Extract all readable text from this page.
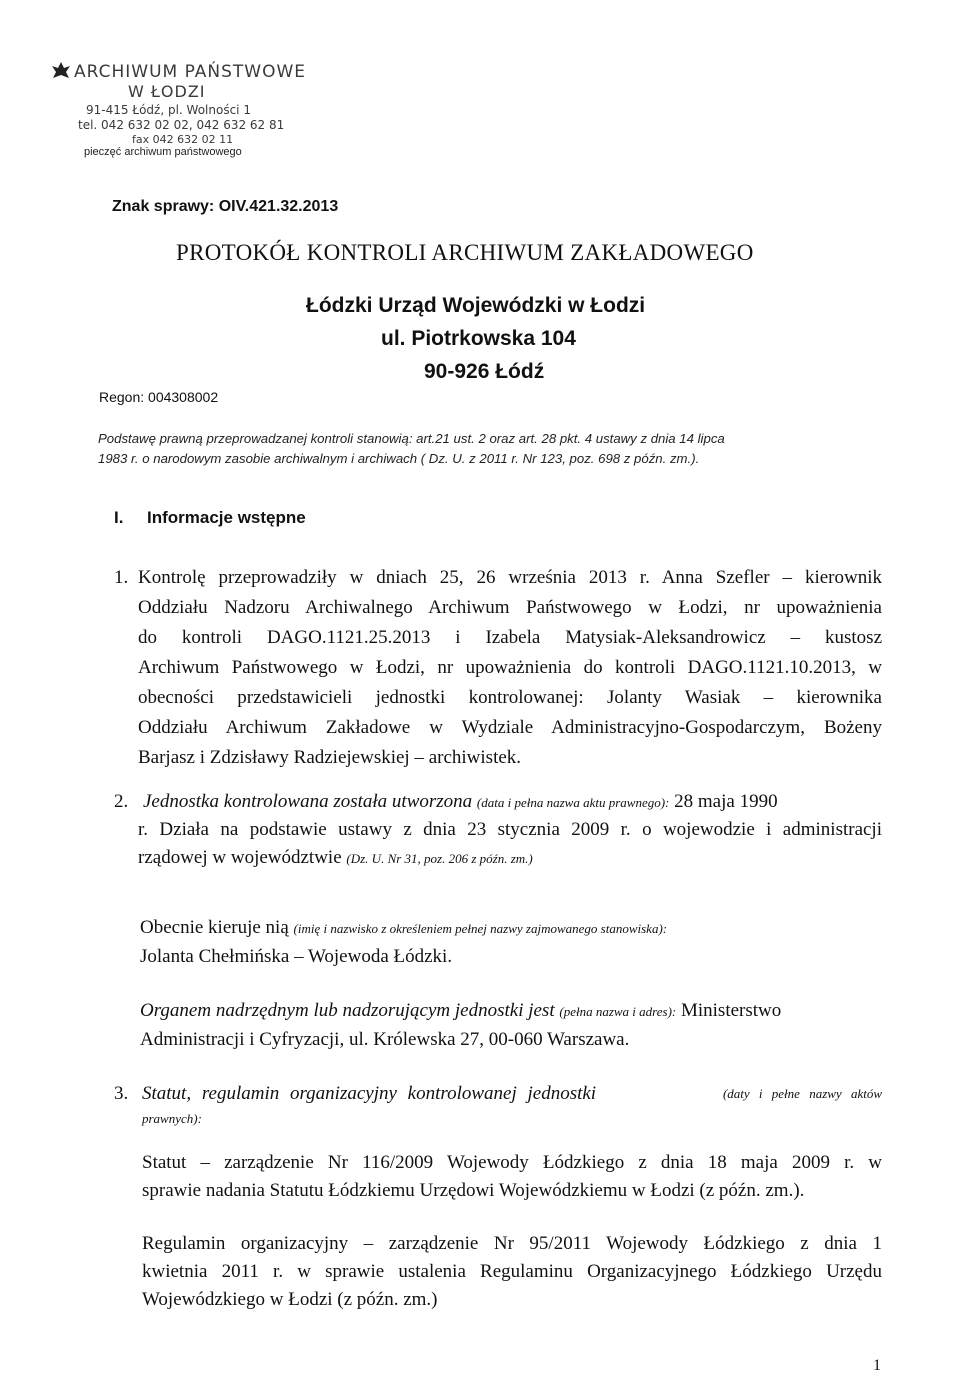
ARCHIWUM PAŃSTWOWE
W ŁODZI
91-415 Łódź, pl. Wolności 1
tel. 042 632 02 02, 042 632 62 81
fax 042 632 02 11
pieczęć archiwum państwowego
Znak sprawy: OIV.421.32.2013
PROTOKÓŁ KONTROLI ARCHIWUM ZAKŁADOWEGO
Łódzki Urząd Wojewódzki w Łodzi
ul. Piotrkowska 104
90-926 Łódź
Regon: 004308002
Podstawę prawną przeprowadzanej kontroli stanowią: art.21 ust. 2 oraz art. 28 pkt. 4 ustawy z dnia 14 lipca
1983 r. o narodowym zasobie archiwalnym i archiwach ( Dz. U. z 2011 r. Nr 123, poz. 698 z późn. zm.).
I. Informacje wstępne
1. Kontrolę przeprowadziły w dniach 25, 26 września 2013 r. Anna Szefler – kierownik
Oddziału Nadzoru Archiwalnego Archiwum Państwowego w Łodzi, nr upoważnienia
do kontroli DAGO.1121.25.2013 i Izabela Matysiak-Aleksandrowicz – kustosz
Archiwum Państwowego w Łodzi, nr upoważnienia do kontroli DAGO.1121.10.2013, w
obecności przedstawicieli jednostki kontrolowanej: Jolanty Wasiak – kierownika
Oddziału Archiwum Zakładowe w Wydziale Administracyjno-Gospodarczym, Bożeny
Barjasz i Zdzisławy Radziejewskiej – archiwistek.
2. Jednostka kontrolowana została utworzona (data i pełna nazwa aktu prawnego): 28 maja 1990
r. Działa na podstawie ustawy z dnia 23 stycznia 2009 r. o wojewodzie i administracji
rządowej w województwie (Dz. U. Nr 31, poz. 206 z późn. zm.)
Obecnie kieruje nią (imię i nazwisko z określeniem pełnej nazwy zajmowanego stanowiska):
Jolanta Chełmińska – Wojewoda Łódzki.
Organem nadrzędnym lub nadzorującym jednostki jest (pełna nazwa i adres): Ministerstwo
Administracji i Cyfryzacji, ul. Królewska 27, 00-060 Warszawa.
3. Statut, regulamin organizacyjny kontrolowanej jednostki	(daty i pełne nazwy aktów
prawnych):
Statut – zarządzenie Nr 116/2009 Wojewody Łódzkiego z dnia 18 maja 2009 r. w
sprawie nadania Statutu Łódzkiemu Urzędowi Wojewódzkiemu w Łodzi (z późn. zm.).
Regulamin organizacyjny – zarządzenie Nr 95/2011 Wojewody Łódzkiego z dnia 1
kwietnia 2011 r. w sprawie ustalenia Regulaminu Organizacyjnego Łódzkiego Urzędu
Wojewódzkiego w Łodzi (z późn. zm.)
1
